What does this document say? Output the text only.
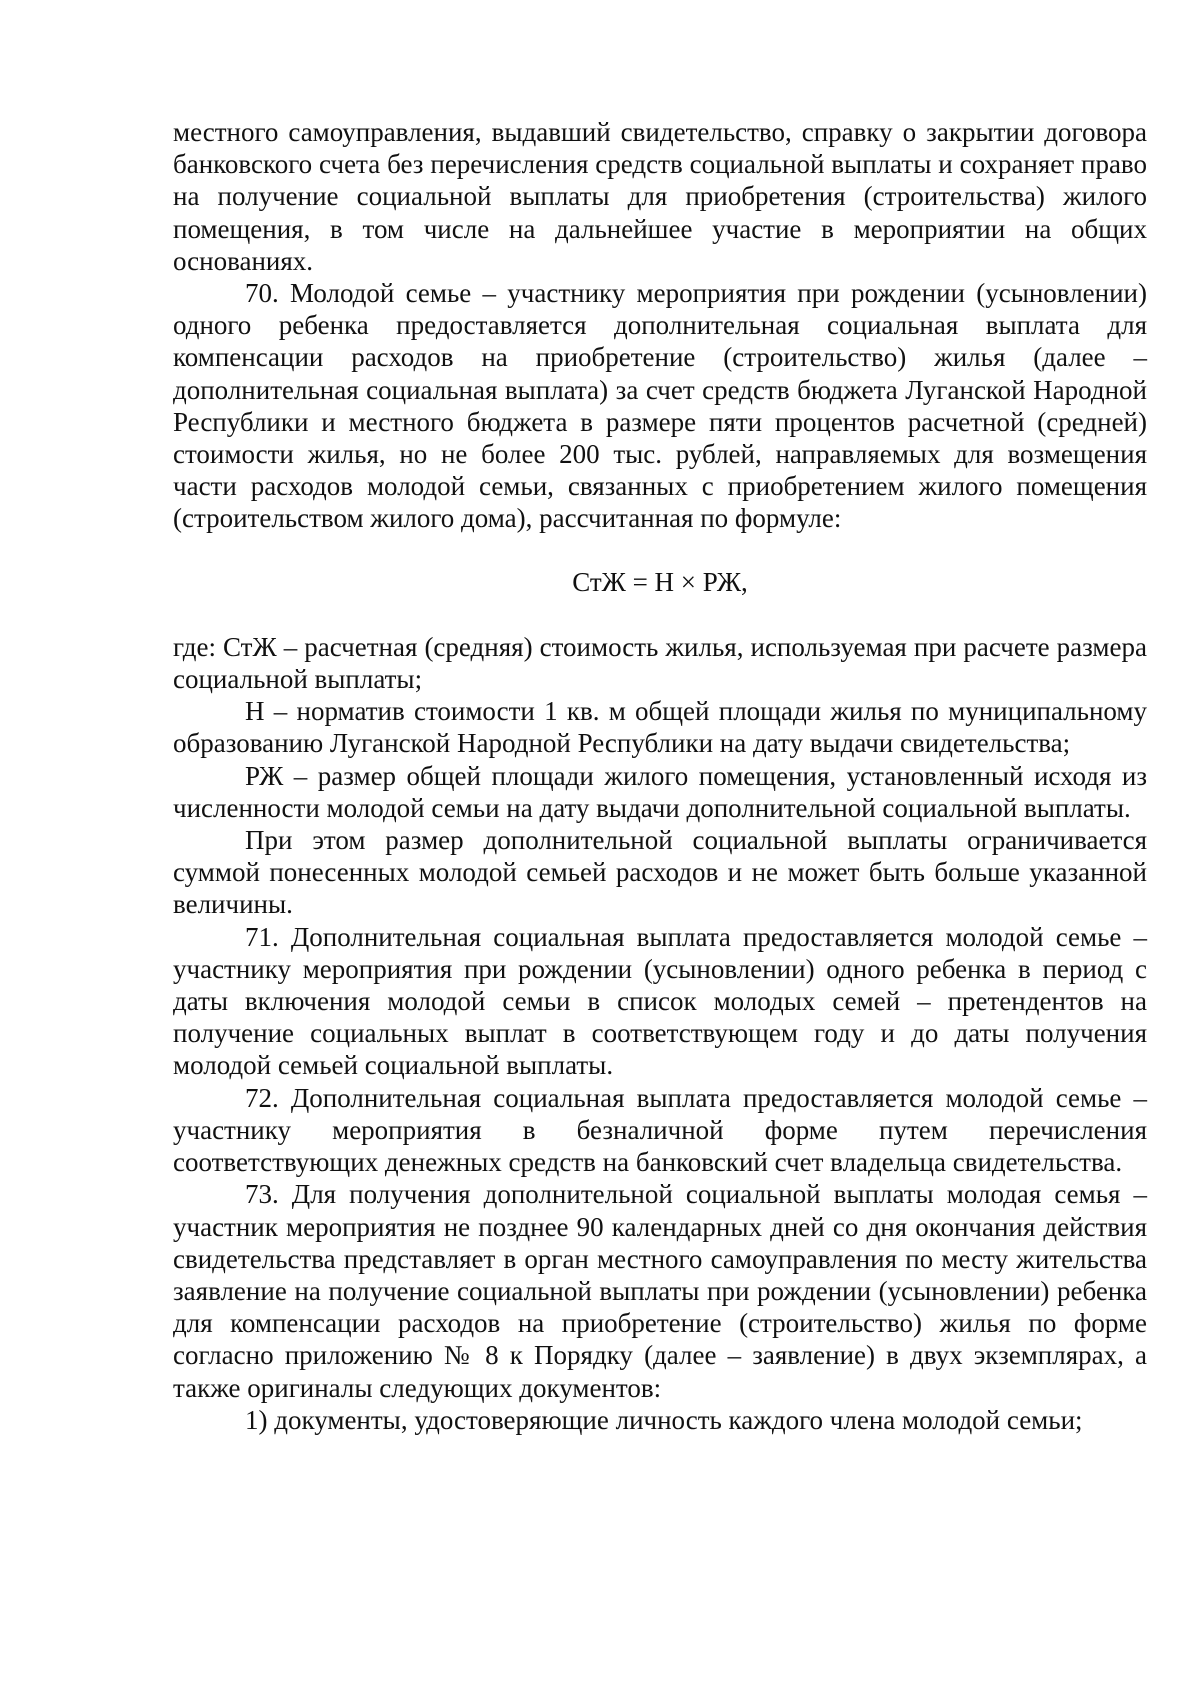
местного самоуправления, выдавший свидетельство, справку о закрытии договора банковского счета без перечисления средств социальной выплаты и сохраняет право на получение социальной выплаты для приобретения (строительства) жилого помещения, в том числе на дальнейшее участие в мероприятии на общих основаниях.

70. Молодой семье – участнику мероприятия при рождении (усыновлении) одного ребенка предоставляется дополнительная социальная выплата для компенсации расходов на приобретение (строительство) жилья (далее – дополнительная социальная выплата) за счет средств бюджета Луганской Народной Республики и местного бюджета в размере пяти процентов расчетной (средней) стоимости жилья, но не более 200 тыс. рублей, направляемых для возмещения части расходов молодой семьи, связанных с приобретением жилого помещения (строительством жилого дома), рассчитанная по формуле:

СтЖ = Н × РЖ,

где: СтЖ – расчетная (средняя) стоимость жилья, используемая при расчете размера социальной выплаты;

Н – норматив стоимости 1 кв. м общей площади жилья по муниципальному образованию Луганской Народной Республики на дату выдачи свидетельства;

РЖ – размер общей площади жилого помещения, установленный исходя из численности молодой семьи на дату выдачи дополнительной социальной выплаты.

При этом размер дополнительной социальной выплаты ограничивается суммой понесенных молодой семьей расходов и не может быть больше указанной величины.

71. Дополнительная социальная выплата предоставляется молодой семье – участнику мероприятия при рождении (усыновлении) одного ребенка в период с даты включения молодой семьи в список молодых семей – претендентов на получение социальных выплат в соответствующем году и до даты получения молодой семьей социальной выплаты.

72. Дополнительная социальная выплата предоставляется молодой семье – участнику мероприятия в безналичной форме путем перечисления соответствующих денежных средств на банковский счет владельца свидетельства.

73. Для получения дополнительной социальной выплаты молодая семья – участник мероприятия не позднее 90 календарных дней со дня окончания действия свидетельства представляет в орган местного самоуправления по месту жительства заявление на получение социальной выплаты при рождении (усыновлении) ребенка для компенсации расходов на приобретение (строительство) жилья по форме согласно приложению № 8 к Порядку (далее – заявление) в двух экземплярах, а также оригиналы следующих документов:

1) документы, удостоверяющие личность каждого члена молодой семьи;
